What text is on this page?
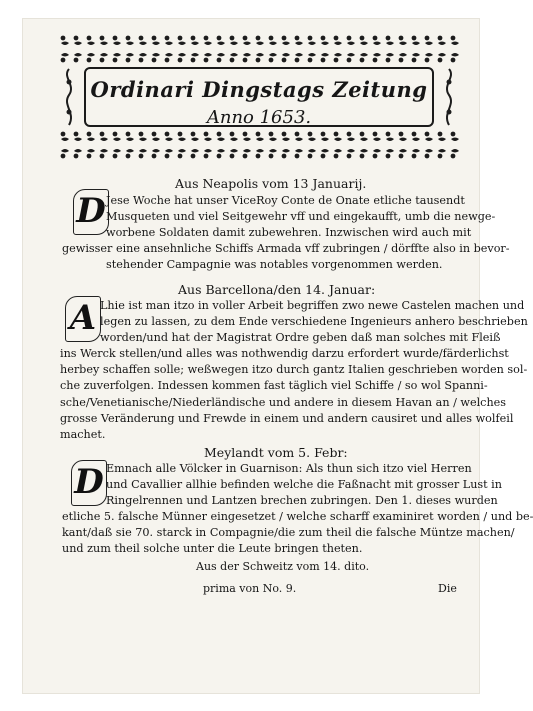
Ordinari Dingstags Zeitung
Anno 1653.
Aus Neapolis vom 13 Januarij.
D Jese Woche hat unser ViceRoy Conte de Onate etliche tausendt
Musqueten und viel Seitgewehr vff und eingekaufft, umb die newge-
worbene Soldaten damit zubewehren. Inzwischen wird auch mit
gewisser eine ansehnliche Schiffs Armada vff zubringen / dörffte also in bevor-
stehender Campagnie was notables vorgenommen werden.
Aus Barcellona/den 14. Januar:
A Lhie ist man itzo in voller Arbeit begriffen zwo newe Castelen machen und
legen zu lassen, zu dem Ende verschiedene Ingenieurs anhero beschrieben
worden/und hat der Magistrat Ordre geben daß man solches mit Fleiß
ins Werck stellen/und alles was nothwendig darzu erfordert wurde/färderlichst
herbey schaffen solle; weßwegen itzo durch gantz Italien geschrieben worden sol-
che zuverfolgen. Indessen kommen fast täglich viel Schiffe / so wol Spanni-
sche/Venetianische/Niederländische und andere in diesem Havan an / welches
grosse Veränderung und Frewde in einem und andern causiret und alles wolfeil
machet.
Meylandt vom 5. Febr:
D Emnach alle Völcker in Guarnison: Als thun sich itzo viel Herren
und Cavallier allhie befinden welche die Faßnacht mit grosser Lust in
Ringelrennen und Lantzen brechen zubringen. Den 1. dieses wurden
etliche 5. falsche Münner eingesetzet / welche scharff examiniret worden / und be-
kant/daß sie 70. starck in Compagnie/die zum theil die falsche Müntze machen/
und zum theil solche unter die Leute bringen theten.
Aus der Schweitz vom 14. dito.
prima von No. 9.	Die
